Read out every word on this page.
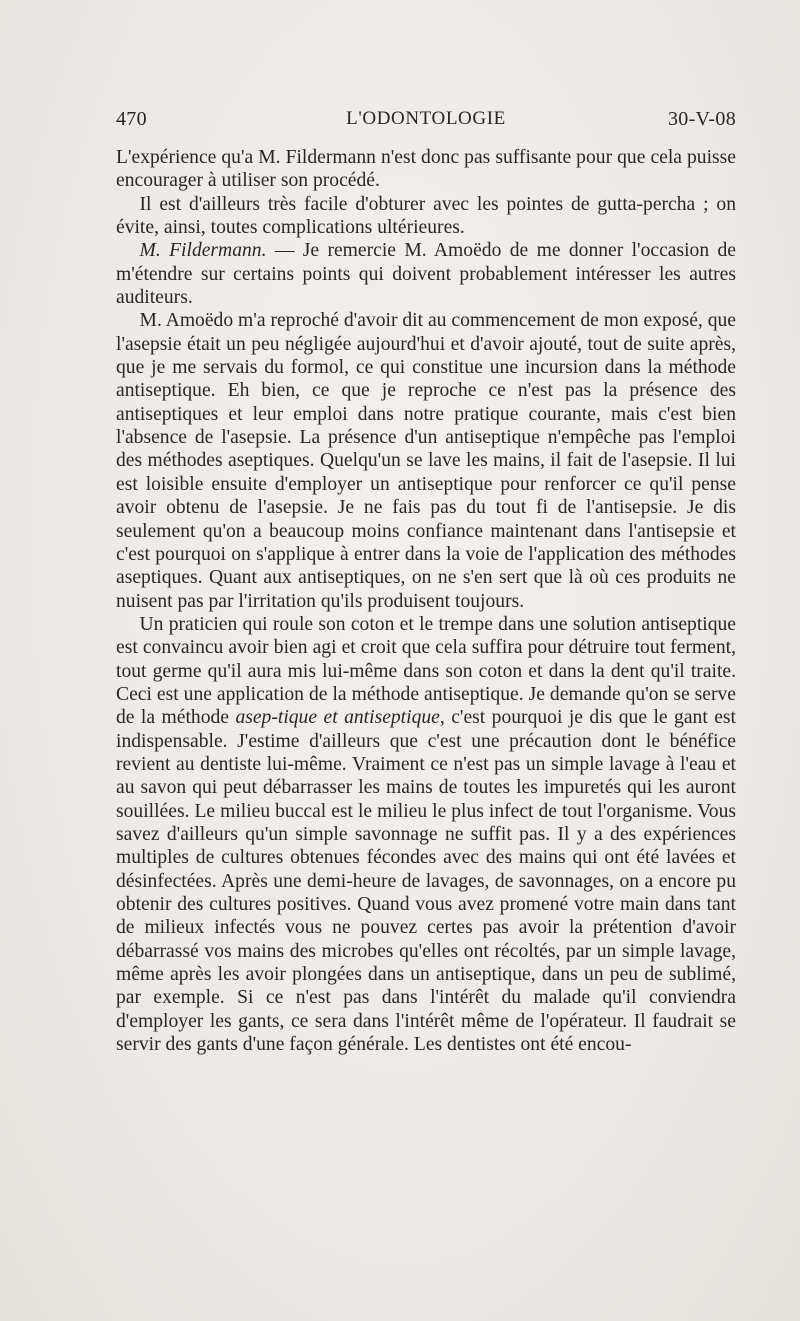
470	L'ODONTOLOGIE	30-V-08

L'expérience qu'a M. Fildermann n'est donc pas suffisante pour que cela puisse encourager à utiliser son procédé.

Il est d'ailleurs très facile d'obturer avec les pointes de gutta-percha ; on évite, ainsi, toutes complications ultérieures.

M. Fildermann. — Je remercie M. Amoëdo de me donner l'occasion de m'étendre sur certains points qui doivent probablement intéresser les autres auditeurs.

M. Amoëdo m'a reproché d'avoir dit au commencement de mon exposé, que l'asepsie était un peu négligée aujourd'hui et d'avoir ajouté, tout de suite après, que je me servais du formol, ce qui constitue une incursion dans la méthode antiseptique. Eh bien, ce que je reproche ce n'est pas la présence des antiseptiques et leur emploi dans notre pratique courante, mais c'est bien l'absence de l'asepsie. La présence d'un antiseptique n'empêche pas l'emploi des méthodes aseptiques. Quelqu'un se lave les mains, il fait de l'asepsie. Il lui est loisible ensuite d'employer un antiseptique pour renforcer ce qu'il pense avoir obtenu de l'asepsie. Je ne fais pas du tout fi de l'antisepsie. Je dis seulement qu'on a beaucoup moins confiance maintenant dans l'antisepsie et c'est pourquoi on s'applique à entrer dans la voie de l'application des méthodes aseptiques. Quant aux antiseptiques, on ne s'en sert que là où ces produits ne nuisent pas par l'irritation qu'ils produisent toujours.

Un praticien qui roule son coton et le trempe dans une solution antiseptique est convaincu avoir bien agi et croit que cela suffira pour détruire tout ferment, tout germe qu'il aura mis lui-même dans son coton et dans la dent qu'il traite. Ceci est une application de la méthode antiseptique. Je demande qu'on se serve de la méthode asep-tique et antiseptique, c'est pourquoi je dis que le gant est indispensable. J'estime d'ailleurs que c'est une précaution dont le bénéfice revient au dentiste lui-même. Vraiment ce n'est pas un simple lavage à l'eau et au savon qui peut débarrasser les mains de toutes les impuretés qui les auront souillées. Le milieu buccal est le milieu le plus infect de tout l'organisme. Vous savez d'ailleurs qu'un simple savonnage ne suffit pas. Il y a des expériences multiples de cultures obtenues fécondes avec des mains qui ont été lavées et désinfectées. Après une demi-heure de lavages, de savonnages, on a encore pu obtenir des cultures positives. Quand vous avez promené votre main dans tant de milieux infectés vous ne pouvez certes pas avoir la prétention d'avoir débarrassé vos mains des microbes qu'elles ont récoltés, par un simple lavage, même après les avoir plongées dans un antiseptique, dans un peu de sublimé, par exemple. Si ce n'est pas dans l'intérêt du malade qu'il conviendra d'employer les gants, ce sera dans l'intérêt même de l'opérateur. Il faudrait se servir des gants d'une façon générale. Les dentistes ont été encou-
